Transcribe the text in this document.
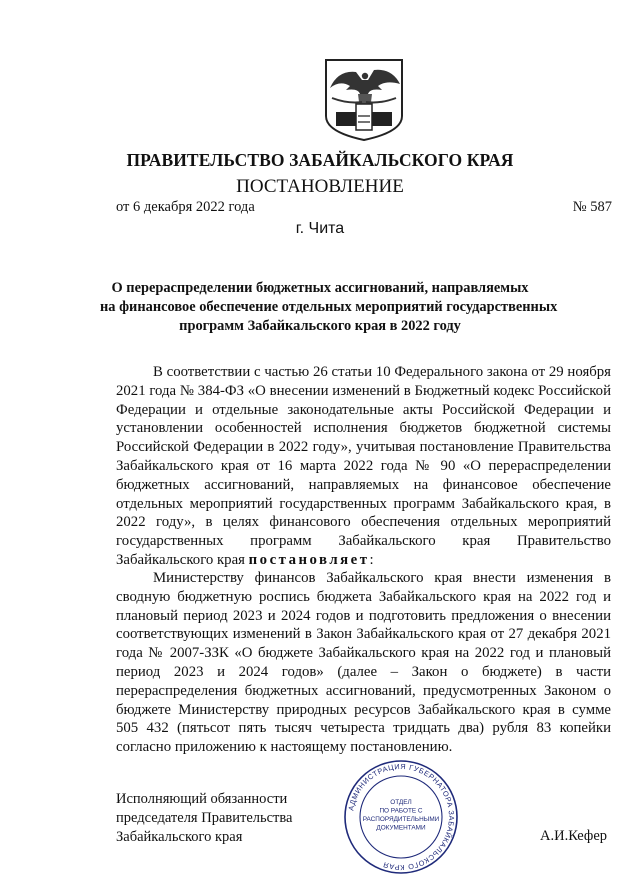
ПРАВИТЕЛЬСТВО ЗАБАЙКАЛЬСКОГО КРАЯ
ПОСТАНОВЛЕНИЕ
от 6 декабря 2022 года	№ 587
г. Чита
О перераспределении бюджетных ассигнований, направляемых
на финансовое обеспечение отдельных мероприятий государственных
программ Забайкальского края в 2022 году
В соответствии с частью 26 статьи 10 Федерального закона от 29 ноября 2021 года № 384-ФЗ «О внесении изменений в Бюджетный кодекс Российской Федерации и отдельные законодательные акты Российской Федерации и установлении особенностей исполнения бюджетов бюджетной системы Российской Федерации в 2022 году», учитывая постановление Правительства Забайкальского края от 16 марта 2022 года № 90 «О перераспределении бюджетных ассигнований, направляемых на финансовое обеспечение отдельных мероприятий государственных программ Забайкальского края, в 2022 году», в целях финансового обеспечения отдельных мероприятий государственных программ Забайкальского края Правительство Забайкальского края постановляет:
Министерству финансов Забайкальского края внести изменения в сводную бюджетную роспись бюджета Забайкальского края на 2022 год и плановый период 2023 и 2024 годов и подготовить предложения о внесении соответствующих изменений в Закон Забайкальского края от 27 декабря 2021 года № 2007-ЗЗК «О бюджете Забайкальского края на 2022 год и плановый период 2023 и 2024 годов» (далее – Закон о бюджете) в части перераспределения бюджетных ассигнований, предусмотренных Законом о бюджете Министерству природных ресурсов Забайкальского края в сумме 505 432 (пятьсот пять тысяч четыреста тридцать два) рубля 83 копейки согласно приложению к настоящему постановлению.
Исполняющий обязанности
председателя Правительства
Забайкальского края
АДМИНИСТРАЦИЯ ГУБЕРНАТОРА ЗАБАЙКАЛЬСКОГО КРАЯ
ОТДЕЛ ПО РАБОТЕ С РАСПОРЯДИТЕЛЬНЫМИ ДОКУМЕНТАМИ	А.И.Кефер
